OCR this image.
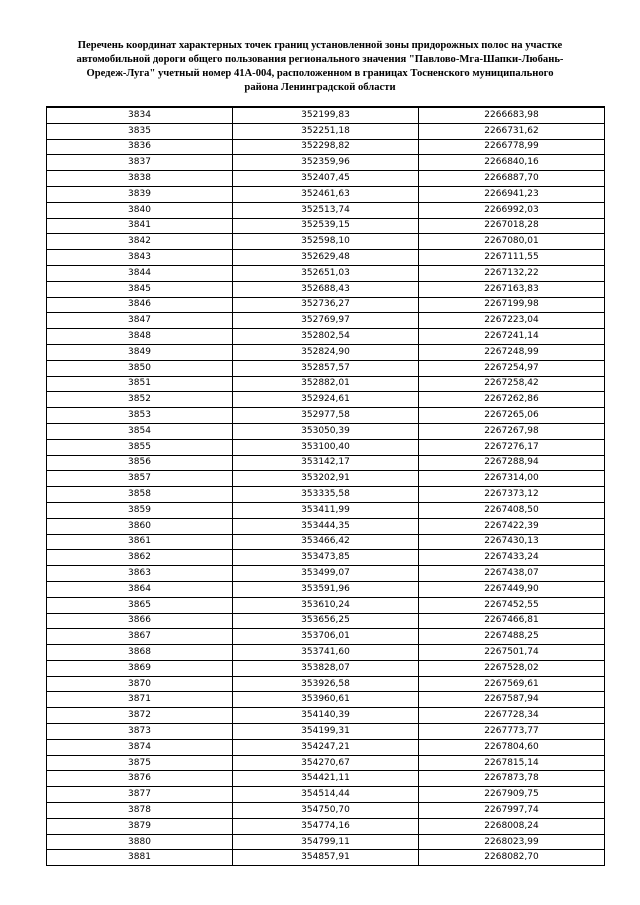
Перечень координат характерных точек границ установленной зоны придорожных полос на участке
автомобильной дороги общего пользования регионального значения "Павлово-Мга-Шапки-Любань-
Оредеж-Луга" учетный номер 41А-004, расположенном в границах Тосненского муниципального
района Ленинградской области
3834	352199,83	2266683,98
3835	352251,18	2266731,62
3836	352298,82	2266778,99
3837	352359,96	2266840,16
3838	352407,45	2266887,70
3839	352461,63	2266941,23
3840	352513,74	2266992,03
3841	352539,15	2267018,28
3842	352598,10	2267080,01
3843	352629,48	2267111,55
3844	352651,03	2267132,22
3845	352688,43	2267163,83
3846	352736,27	2267199,98
3847	352769,97	2267223,04
3848	352802,54	2267241,14
3849	352824,90	2267248,99
3850	352857,57	2267254,97
3851	352882,01	2267258,42
3852	352924,61	2267262,86
3853	352977,58	2267265,06
3854	353050,39	2267267,98
3855	353100,40	2267276,17
3856	353142,17	2267288,94
3857	353202,91	2267314,00
3858	353335,58	2267373,12
3859	353411,99	2267408,50
3860	353444,35	2267422,39
3861	353466,42	2267430,13
3862	353473,85	2267433,24
3863	353499,07	2267438,07
3864	353591,96	2267449,90
3865	353610,24	2267452,55
3866	353656,25	2267466,81
3867	353706,01	2267488,25
3868	353741,60	2267501,74
3869	353828,07	2267528,02
3870	353926,58	2267569,61
3871	353960,61	2267587,94
3872	354140,39	2267728,34
3873	354199,31	2267773,77
3874	354247,21	2267804,60
3875	354270,67	2267815,14
3876	354421,11	2267873,78
3877	354514,44	2267909,75
3878	354750,70	2267997,74
3879	354774,16	2268008,24
3880	354799,11	2268023,99
3881	354857,91	2268082,70
